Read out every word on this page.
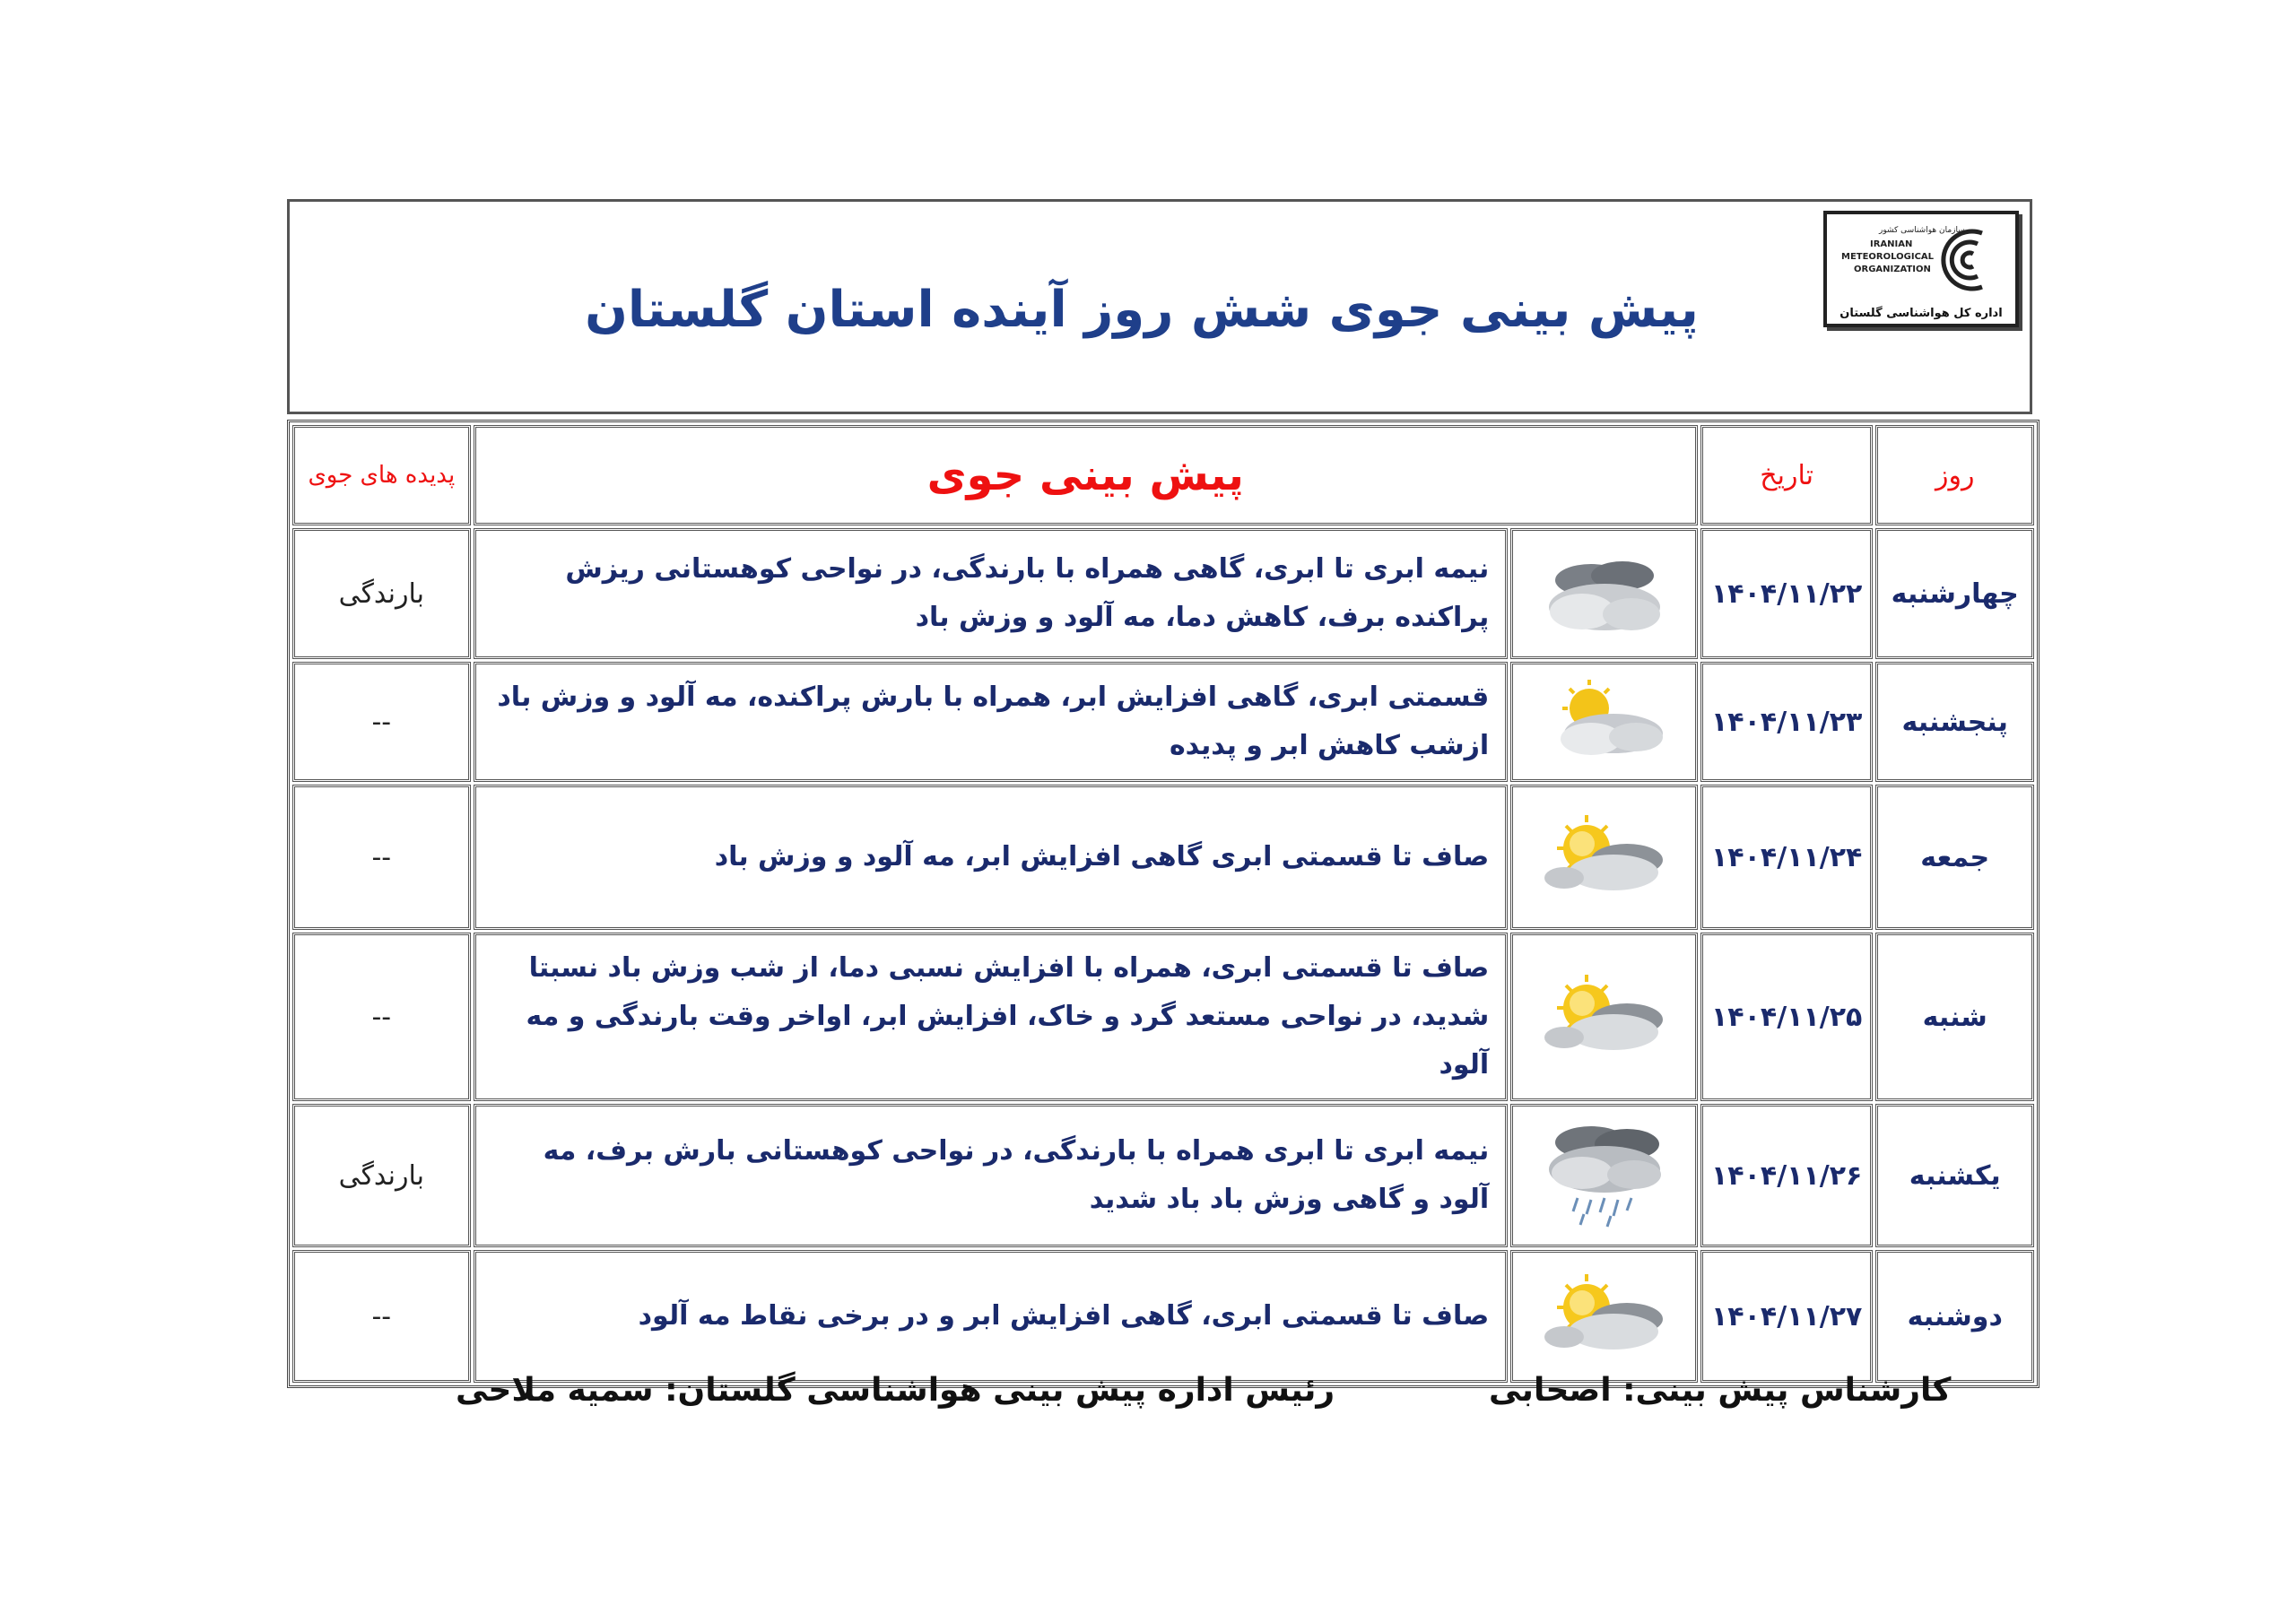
پیش بینی جوی شش روز آینده استان گلستان
سازمان هواشناسی کشور
IRANIAN
METEOROLOGICAL
ORGANIZATION
اداره کل هواشناسی گلستان
روز	تاریخ	پیش بینی جوی		پدیده های جوی
چهارشنبه	۱۴۰۴/۱۱/۲۲		نیمه ابری تا ابری، گاهی همراه با بارندگی، در نواحی کوهستانی ریزش پراکنده برف، کاهش دما، مه آلود و وزش باد	بارندگی
پنجشنبه	۱۴۰۴/۱۱/۲۳		قسمتی ابری، گاهی افزایش ابر، همراه با بارش پراکنده، مه آلود و وزش باد ازشب کاهش ابر و پدیده	--
جمعه	۱۴۰۴/۱۱/۲۴		صاف تا قسمتی ابری گاهی افزایش ابر، مه آلود و وزش باد	--
شنبه	۱۴۰۴/۱۱/۲۵		صاف تا قسمتی ابری، همراه با افزایش نسبی دما، از شب وزش باد نسبتا شدید، در نواحی مستعد گرد و خاک، افزایش ابر، اواخر وقت بارندگی و مه آلود	--
یکشنبه	۱۴۰۴/۱۱/۲۶		نیمه ابری تا ابری همراه با بارندگی، در نواحی کوهستانی بارش برف، مه آلود و گاهی وزش باد باد شدید	بارندگی
دوشنبه	۱۴۰۴/۱۱/۲۷		صاف تا قسمتی ابری، گاهی افزایش ابر و در برخی نقاط مه آلود	--
کارشناس پیش بینی: اصحابی
رئیس اداره پیش بینی هواشناسی گلستان: سمیه ملاحی
